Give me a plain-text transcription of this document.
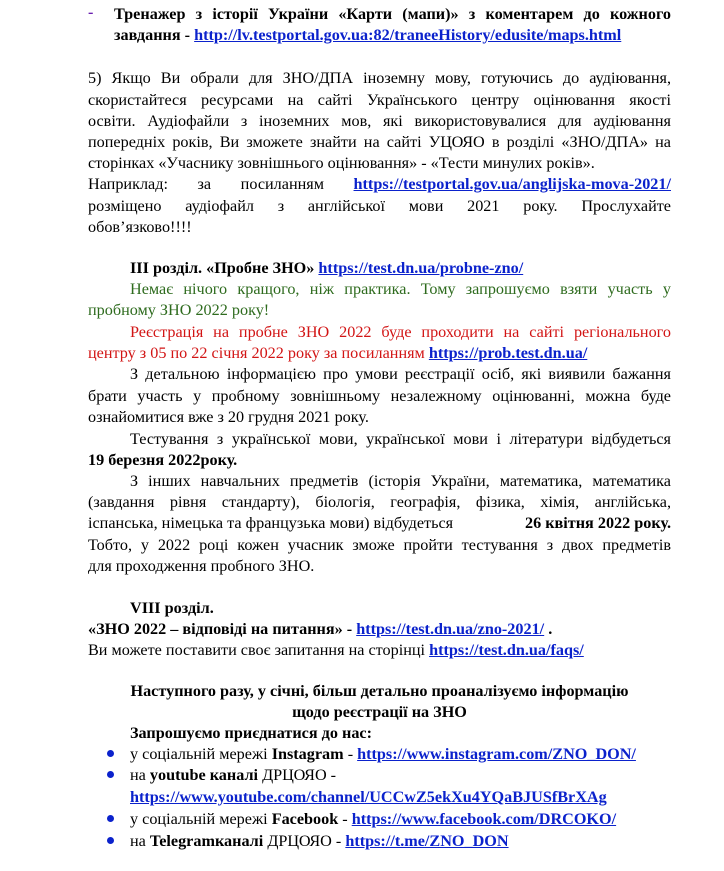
- Тренажер з історії України «Карти (мапи)» з коментарем до кожного
завдання - http://lv.testportal.gov.ua:82/traneeHistory/edusite/maps.html
5) Якщо Ви обрали для ЗНО/ДПА іноземну мову, готуючись до аудіювання,
скористайтеся ресурсами на сайті Українського центру оцінювання якості
освіти. Аудіофайли з іноземних мов, які використовувалися для аудіювання
попередніх років, Ви зможете знайти на сайті УЦОЯО в розділі «ЗНО/ДПА» на
сторінках «Учаснику зовнішнього оцінювання» - «Тести минулих років».
Наприклад: за посиланням https://testportal.gov.ua/anglijska-mova-2021/
розміщено аудіофайл з англійської мови 2021 року. Прослухайте
обов’язково!!!!
ІІІ розділ. «Пробне ЗНО» https://test.dn.ua/probne-zno/
Немає нічого кращого, ніж практика. Тому запрошуємо взяти участь у
пробному ЗНО 2022 року!
Реєстрація на пробне ЗНО 2022 буде проходити на сайті регіонального
центру з 05 по 22 січня 2022 року за посиланням https://prob.test.dn.ua/
З детальною інформацією про умови реєстрації осіб, які виявили бажання
брати участь у пробному зовнішньому незалежному оцінюванні, можна буде
ознайомитися вже з 20 грудня 2021 року.
Тестування з української мови, української мови і літератури відбудеться
19 березня 2022року.
З інших навчальних предметів (історія України, математика, математика
(завдання рівня стандарту), біологія, географія, фізика, хімія, англійська,
іспанська, німецька та французька мови) відбудеться	26 квітня 2022 року.
Тобто, у 2022 році кожен учасник зможе пройти тестування з двох предметів
для проходження пробного ЗНО.
VIII розділ.
«ЗНО 2022 – відповіді на питання» - https://test.dn.ua/zno-2021/ .
Ви можете поставити своє запитання на сторінці https://test.dn.ua/faqs/
Наступного разу, у січні, більш детально проаналізуємо інформацію
щодо реєстрації на ЗНО
Запрошуємо приєднатися до нас:
у соціальній мережі Instagram - https://www.instagram.com/ZNO_DON/
на youtube каналі ДРЦОЯО -
https://www.youtube.com/channel/UCCwZ5ekXu4YQaBJUSfBrXAg
у соціальній мережі Facebook - https://www.facebook.com/DRCOKO/
на Telegramканалі ДРЦОЯО - https://t.me/ZNO_DON
